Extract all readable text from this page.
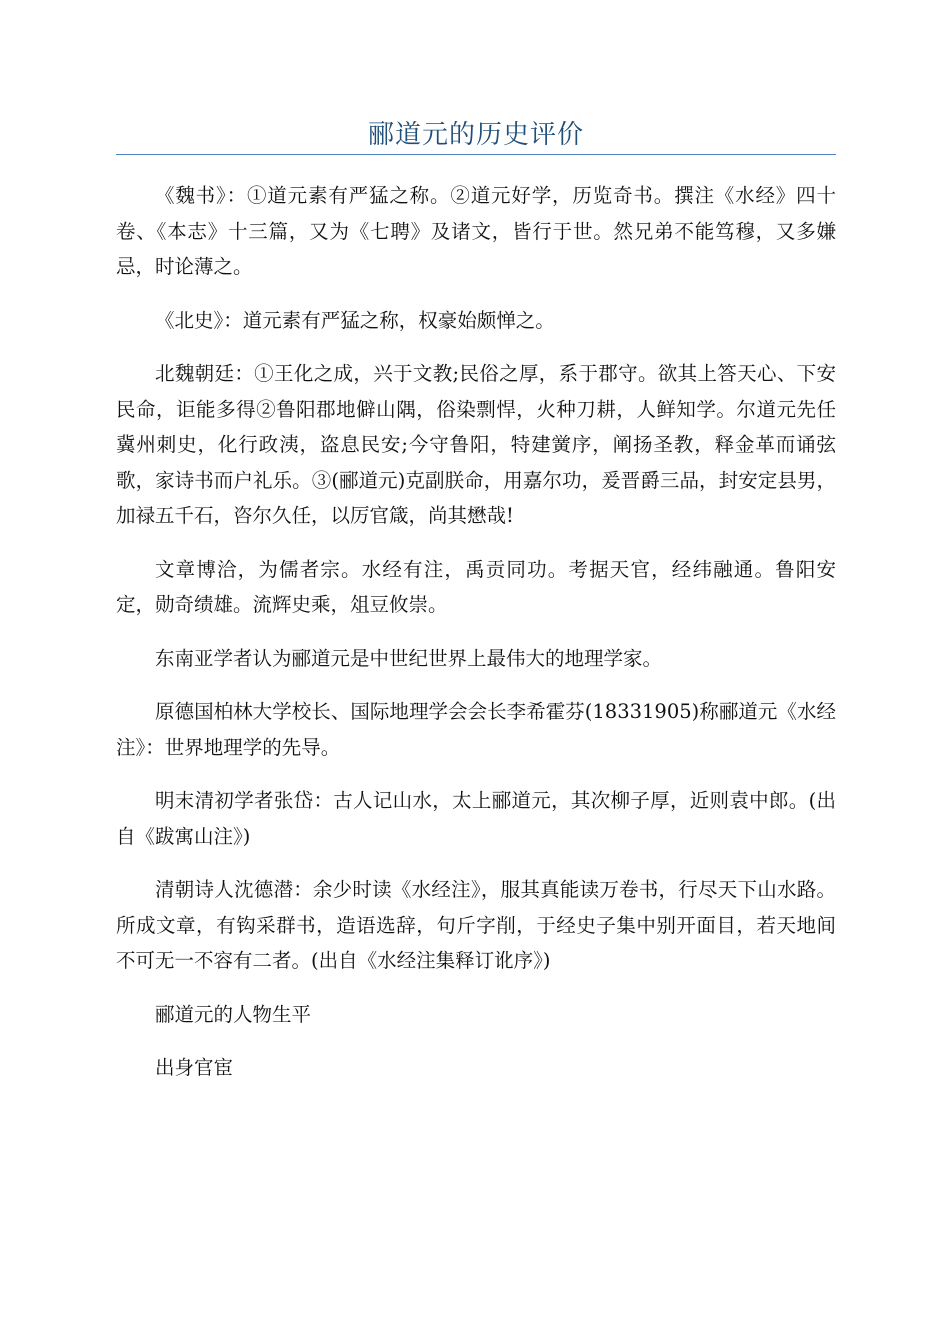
郦道元的历史评价

《魏书》：①道元素有严猛之称。②道元好学，历览奇书。撰注《水经》四十卷、《本志》十三篇，又为《七聘》及诸文，皆行于世。然兄弟不能笃穆，又多嫌忌，时论薄之。

《北史》：道元素有严猛之称，权豪始颇惮之。

北魏朝廷：①王化之成，兴于文教;民俗之厚，系于郡守。欲其上答天心、下安民命，讵能多得②鲁阳郡地僻山隅，俗染剽悍，火种刀耕，人鲜知学。尔道元先任冀州刺史，化行政洟，盗息民安;今守鲁阳，特建黉序，阐扬圣教，释金革而诵弦歌，家诗书而户礼乐。③(郦道元)克副朕命，用嘉尔功，爰晋爵三品，封安定县男，加禄五千石，咨尔久任，以厉官箴，尚其懋哉!

文章博洽，为儒者宗。水经有注，禹贡同功。考据天官，经纬融通。鲁阳安定，勋奇绩雄。流辉史乘，俎豆攸崇。

东南亚学者认为郦道元是中世纪世界上最伟大的地理学家。

原德国柏林大学校长、国际地理学会会长李希霍芬(18331905)称郦道元《水经注》：世界地理学的先导。

明末清初学者张岱：古人记山水，太上郦道元，其次柳子厚，近则袁中郎。(出自《跋寓山注》)

清朝诗人沈德潜：余少时读《水经注》，服其真能读万卷书，行尽天下山水路。所成文章，有钩采群书，造语选辞，句斤字削，于经史子集中别开面目，若天地间不可无一不容有二者。(出自《水经注集释订讹序》)

郦道元的人物生平

出身官宦
